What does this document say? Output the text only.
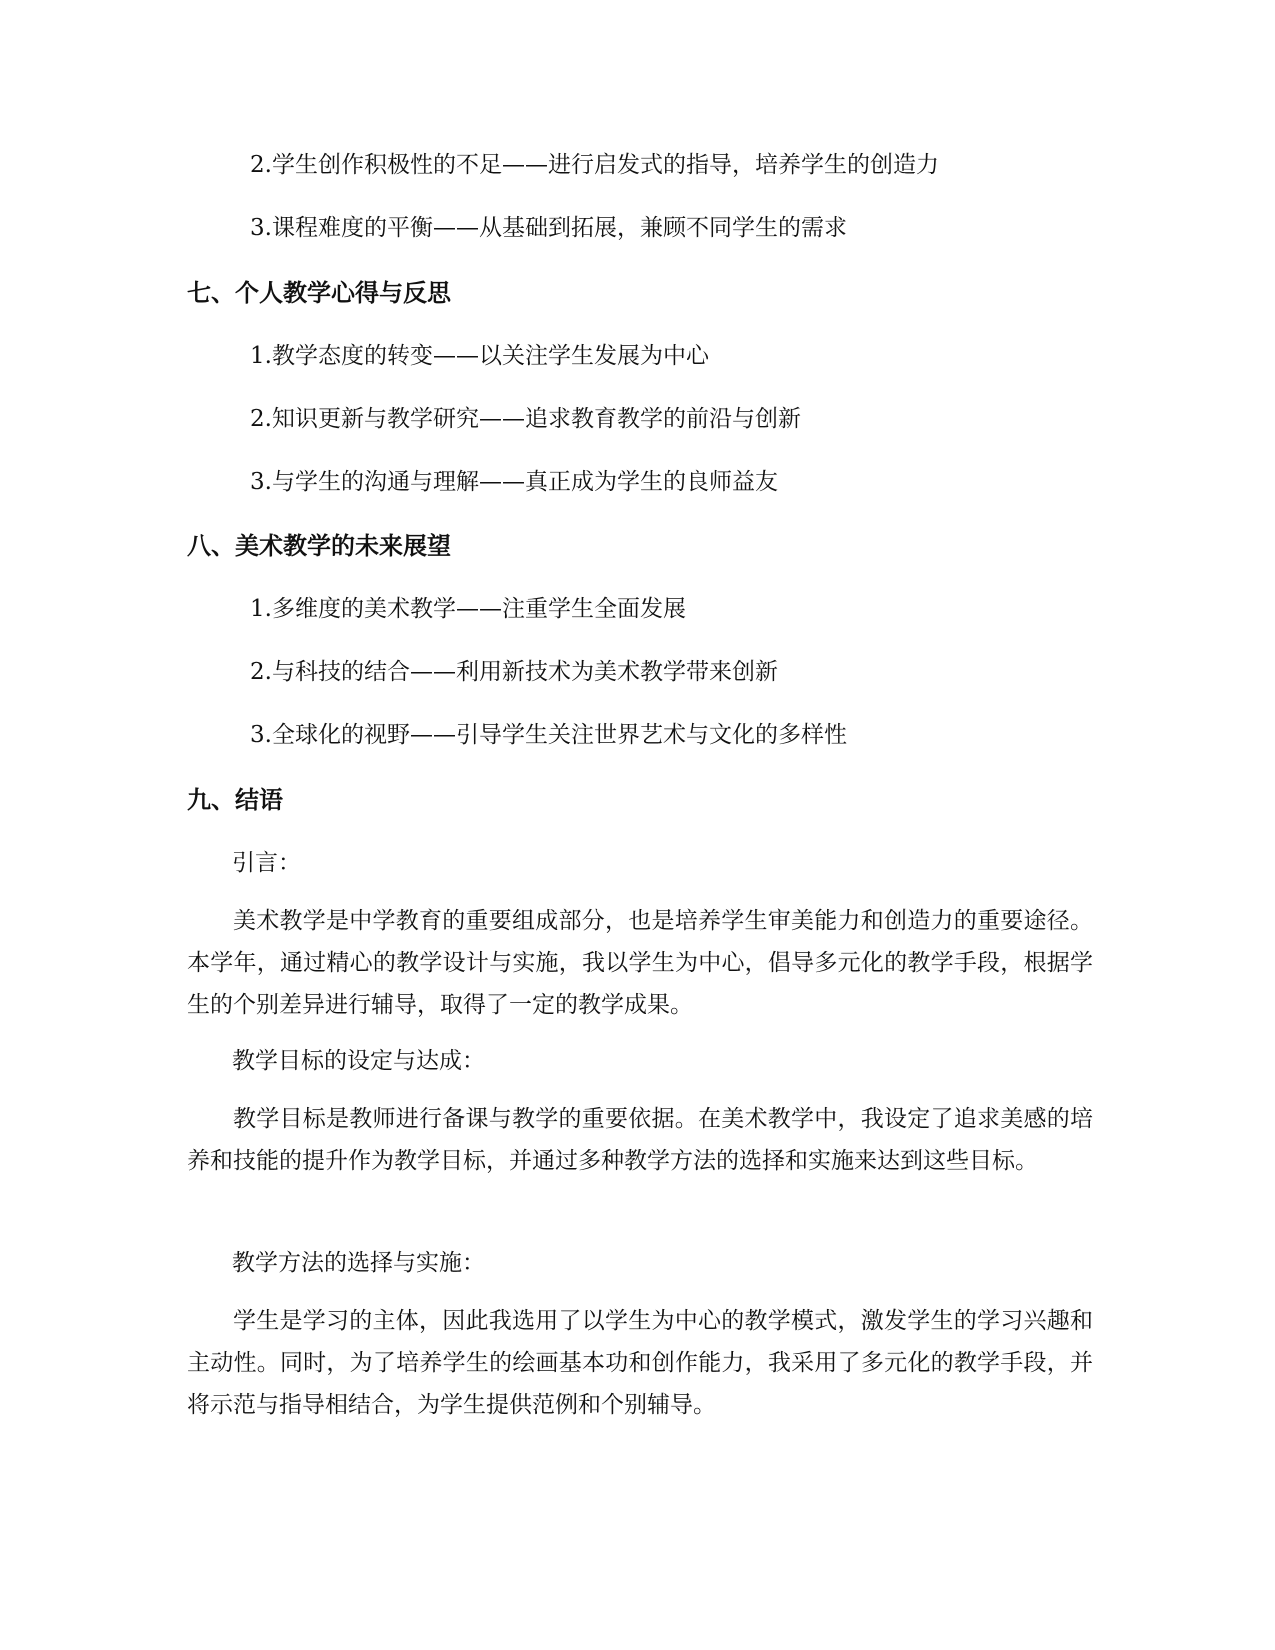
2.学生创作积极性的不足——进行启发式的指导，培养学生的创造力
3.课程难度的平衡——从基础到拓展，兼顾不同学生的需求
七、个人教学心得与反思
1.教学态度的转变——以关注学生发展为中心
2.知识更新与教学研究——追求教育教学的前沿与创新
3.与学生的沟通与理解——真正成为学生的良师益友
八、美术教学的未来展望
1.多维度的美术教学——注重学生全面发展
2.与科技的结合——利用新技术为美术教学带来创新
3.全球化的视野——引导学生关注世界艺术与文化的多样性
九、结语
引言：
美术教学是中学教育的重要组成部分，也是培养学生审美能力和创造力的重要途径。本学年，通过精心的教学设计与实施，我以学生为中心，倡导多元化的教学手段，根据学生的个别差异进行辅导，取得了一定的教学成果。
教学目标的设定与达成：
教学目标是教师进行备课与教学的重要依据。在美术教学中，我设定了追求美感的培养和技能的提升作为教学目标，并通过多种教学方法的选择和实施来达到这些目标。
教学方法的选择与实施：
学生是学习的主体，因此我选用了以学生为中心的教学模式，激发学生的学习兴趣和主动性。同时，为了培养学生的绘画基本功和创作能力，我采用了多元化的教学手段，并将示范与指导相结合，为学生提供范例和个别辅导。
